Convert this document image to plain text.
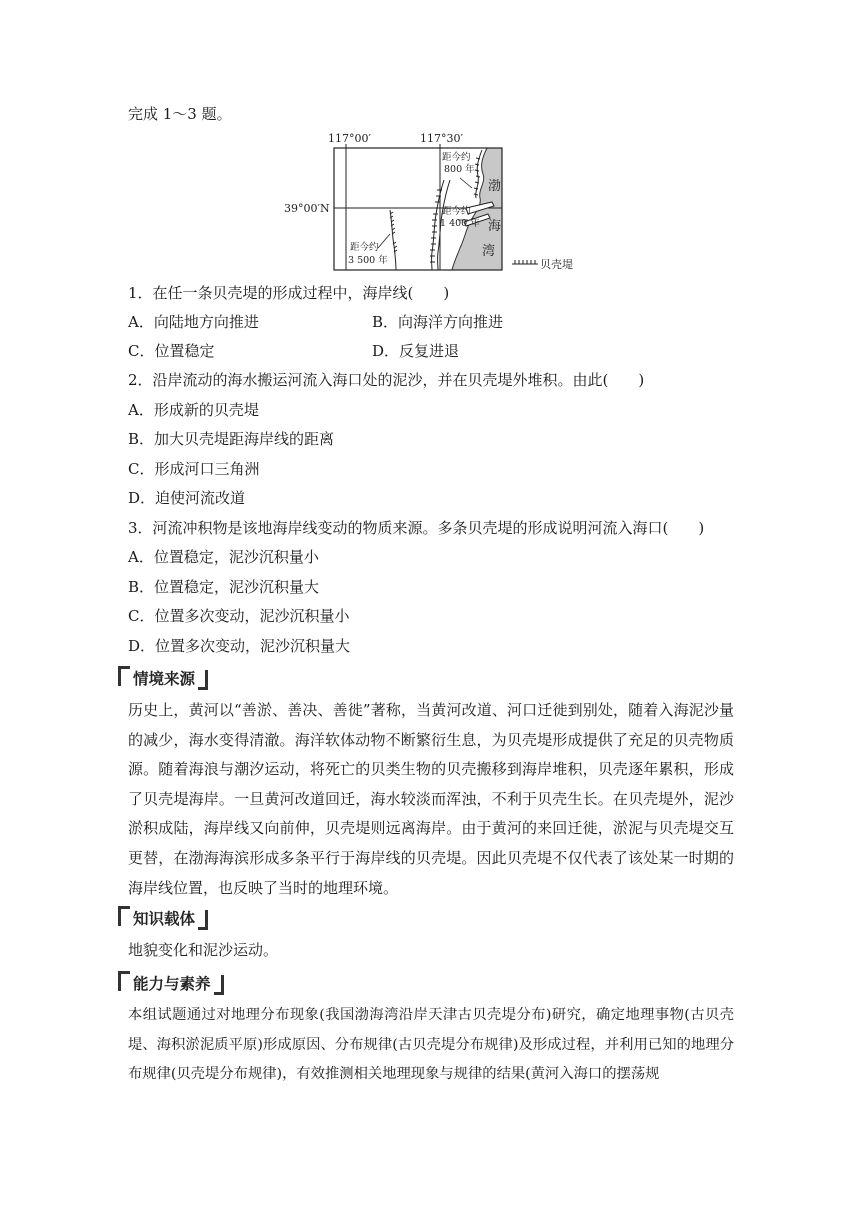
完成 1～3 题。
117°00′	117°30′
39°00′N
距今约
800 年
距今约
1 400 年
距今约
3 500 年
渤
海
湾
贝壳堤
1．在任一条贝壳堤的形成过程中，海岸线(　　)
A．向陆地方向推进	B．向海洋方向推进
C．位置稳定	D．反复进退
2．沿岸流动的海水搬运河流入海口处的泥沙，并在贝壳堤外堆积。由此(　　)
A．形成新的贝壳堤
B．加大贝壳堤距海岸线的距离
C．形成河口三角洲
D．迫使河流改道
3．河流冲积物是该地海岸线变动的物质来源。多条贝壳堤的形成说明河流入海口(　　)
A．位置稳定，泥沙沉积量小
B．位置稳定，泥沙沉积量大
C．位置多次变动，泥沙沉积量小
D．位置多次变动，泥沙沉积量大
情境来源
历史上，黄河以“善淤、善决、善徙”著称，当黄河改道、河口迁徙到别处，随着入海泥沙量的减少，海水变得清澈。海洋软体动物不断繁衍生息，为贝壳堤形成提供了充足的贝壳物质源。随着海浪与潮汐运动，将死亡的贝类生物的贝壳搬移到海岸堆积，贝壳逐年累积，形成了贝壳堤海岸。一旦黄河改道回迁，海水较淡而浑浊，不利于贝壳生长。在贝壳堤外，泥沙淤积成陆，海岸线又向前伸，贝壳堤则远离海岸。由于黄河的来回迁徙，淤泥与贝壳堤交互更替，在渤海海滨形成多条平行于海岸线的贝壳堤。因此贝壳堤不仅代表了该处某一时期的海岸线位置，也反映了当时的地理环境。
知识载体
地貌变化和泥沙运动。
能力与素养
本组试题通过对地理分布现象(我国渤海湾沿岸天津古贝壳堤分布)研究，确定地理事物(古贝壳堤、海积淤泥质平原)形成原因、分布规律(古贝壳堤分布规律)及形成过程，并利用已知的地理分布规律(贝壳堤分布规律)，有效推测相关地理现象与规律的结果(黄河入海口的摆荡规
